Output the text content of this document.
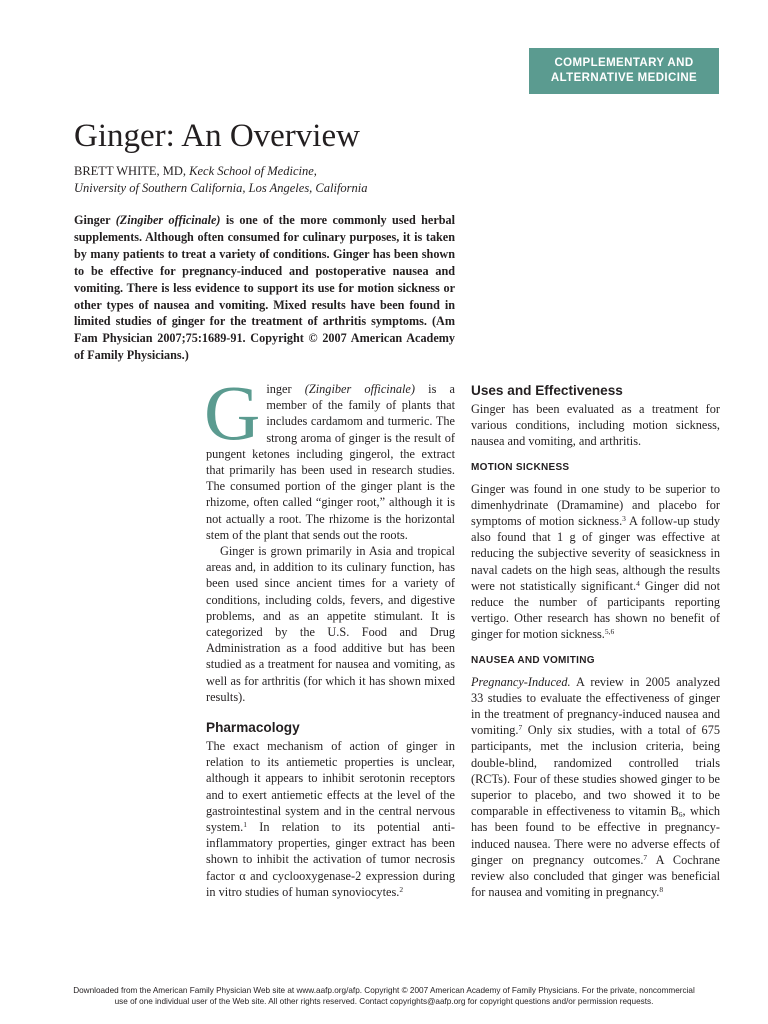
COMPLEMENTARY AND
ALTERNATIVE MEDICINE
Ginger: An Overview
BRETT WHITE, MD, Keck School of Medicine,
University of Southern California, Los Angeles, California

Ginger (Zingiber officinale) is one of the more commonly used herbal supplements. Although often consumed for culinary purposes, it is taken by many patients to treat a variety of conditions. Ginger has been shown to be effective for pregnancy-induced and postoperative nausea and vomiting. There is less evidence to support its use for motion sickness or other types of nausea and vomiting. Mixed results have been found in limited studies of ginger for the treatment of arthritis symptoms. (Am Fam Physician 2007;75:1689-91. Copyright © 2007 American Academy of Family Physicians.)

Ginger (Zingiber officinale) is a member of the family of plants that includes cardamom and turmeric. The strong aroma of ginger is the result of pungent ketones including gingerol, the extract that primarily has been used in research studies. The consumed portion of the ginger plant is the rhizome, often called “ginger root,” although it is not actually a root. The rhizome is the horizontal stem of the plant that sends out the roots.

Ginger is grown primarily in Asia and tropical areas and, in addition to its culinary function, has been used since ancient times for a variety of conditions, including colds, fevers, and digestive problems, and as an appetite stimulant. It is categorized by the U.S. Food and Drug Administration as a food additive but has been studied as a treatment for nausea and vomiting, as well as for arthritis (for which it has shown mixed results).

Pharmacology

The exact mechanism of action of ginger in relation to its antiemetic properties is unclear, although it appears to inhibit serotonin receptors and to exert antiemetic effects at the level of the gastrointestinal system and in the central nervous system.$^1$ In relation to its potential anti-inflammatory properties, ginger extract has been shown to inhibit the activation of tumor necrosis factor α and cyclooxygenase-2 expression during in vitro studies of human synoviocytes.$^2$

Uses and Effectiveness

Ginger has been evaluated as a treatment for various conditions, including motion sickness, nausea and vomiting, and arthritis.

MOTION SICKNESS

Ginger was found in one study to be superior to dimenhydrinate (Dramamine) and placebo for symptoms of motion sickness.$^3$ A follow-up study also found that 1 g of ginger was effective at reducing the subjective severity of seasickness in naval cadets on the high seas, although the results were not statistically significant.$^4$ Ginger did not reduce the number of participants reporting vertigo. Other research has shown no benefit of ginger for motion sickness.$^{5,6}$

NAUSEA AND VOMITING

Pregnancy-Induced. A review in 2005 analyzed 33 studies to evaluate the effectiveness of ginger in the treatment of pregnancy-induced nausea and vomiting.$^7$ Only six studies, with a total of 675 participants, met the inclusion criteria, being double-blind, randomized controlled trials (RCTs). Four of these studies showed ginger to be superior to placebo, and two showed it to be comparable in effectiveness to vitamin $B_6$, which has been found to be effective in pregnancy-induced nausea. There were no adverse effects of ginger on pregnancy outcomes.$^7$ A Cochrane review also concluded that ginger was beneficial for nausea and vomiting in pregnancy.$^8$

Downloaded from the American Family Physician Web site at www.aafp.org/afp. Copyright © 2007 American Academy of Family Physicians. For the private, noncommercial
use of one individual user of the Web site. All other rights reserved. Contact copyrights@aafp.org for copyright questions and/or permission requests.
